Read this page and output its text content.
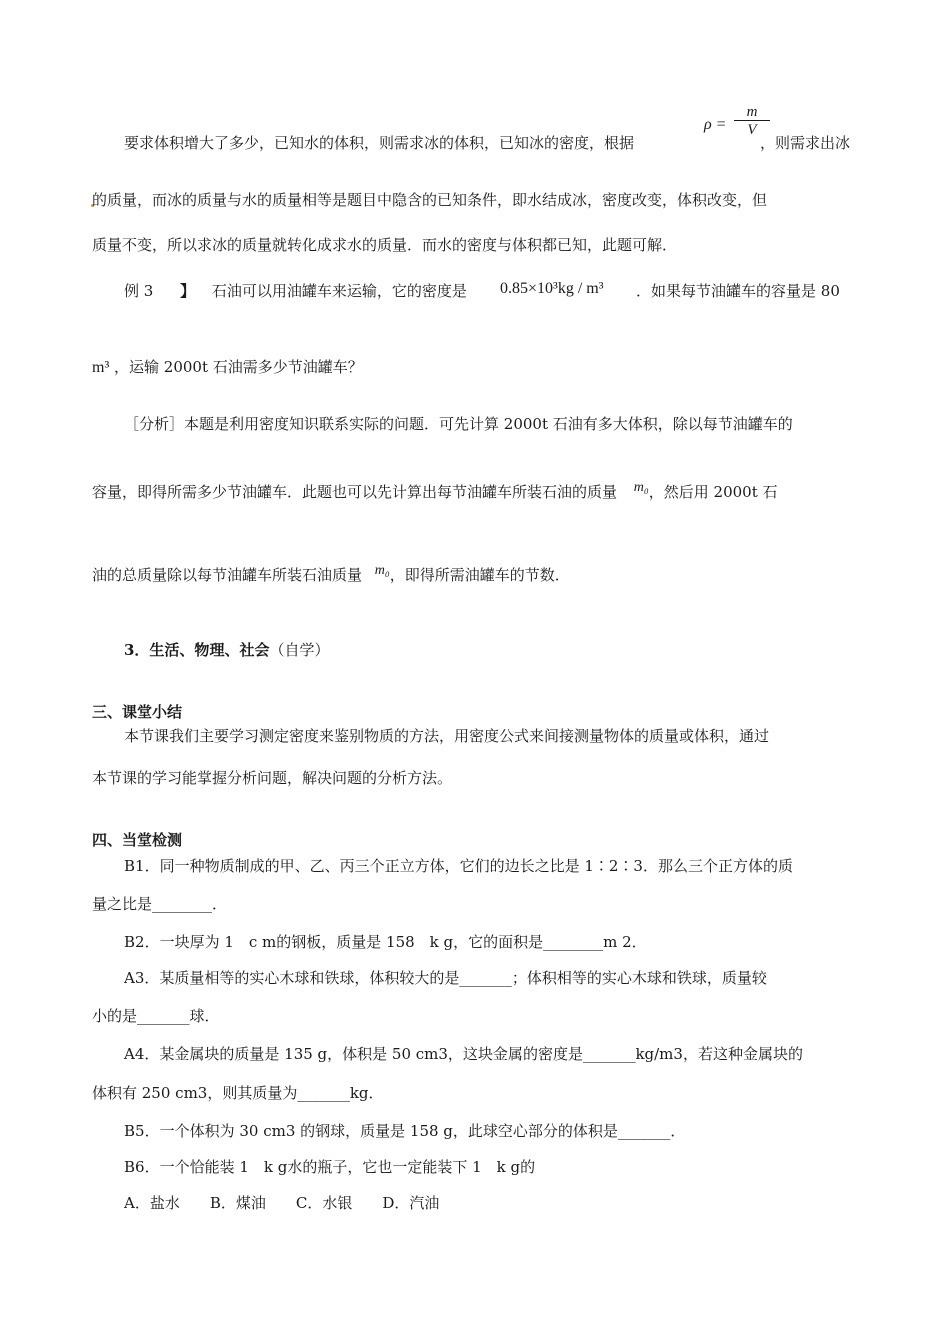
要求体积增大了多少，已知水的体积，则需求冰的体积，已知冰的密度，根据
$\rho = \frac{m}{V}$
，则需求出冰
的质量，而冰的质量与水的质量相等是题目中隐含的已知条件，即水结成冰，密度改变，体积改变，但
质量不变，所以求冰的质量就转化成求水的质量．而水的密度与体积都已知，此题可解．
例 3 】 石油可以用油罐车来运输，它的密度是 0.85×10³kg / m³ ．如果每节油罐车的容量是 80
m³ ，运输 2000t 石油需多少节油罐车？
［分析］本题是利用密度知识联系实际的问题．可先计算 2000t 石油有多大体积，除以每节油罐车的
容量，即得所需多少节油罐车．此题也可以先计算出每节油罐车所装石油的质量 m₀，然后用 2000t 石
油的总质量除以每节油罐车所装石油质量 m₀，即得所需油罐车的节数．
3．生活、物理、社会（自学）
三、课堂小结
本节课我们主要学习测定密度来鉴别物质的方法，用密度公式来间接测量物体的质量或体积，通过
本节课的学习能掌握分析问题，解决问题的分析方法。
四、当堂检测
B1．同一种物质制成的甲、乙、丙三个正立方体，它们的边长之比是 1∶2∶3．那么三个正方体的质
量之比是________．
B2．一块厚为 1　c m的钢板，质量是 158　k g，它的面积是________m 2．
A3．某质量相等的实心木球和铁球，体积较大的是_______；体积相等的实心木球和铁球，质量较
小的是_______球．
A4．某金属块的质量是 135 g，体积是 50 cm3，这块金属的密度是_______kg/m3，若这种金属块的
体积有 250 cm3，则其质量为_______kg．
B5．一个体积为 30 cm3 的钢球，质量是 158 g，此球空心部分的体积是_______．
B6．一个恰能装 1　k g水的瓶子，它也一定能装下 1　k g的
A．盐水　　B．煤油　　C．水银　　D．汽油
